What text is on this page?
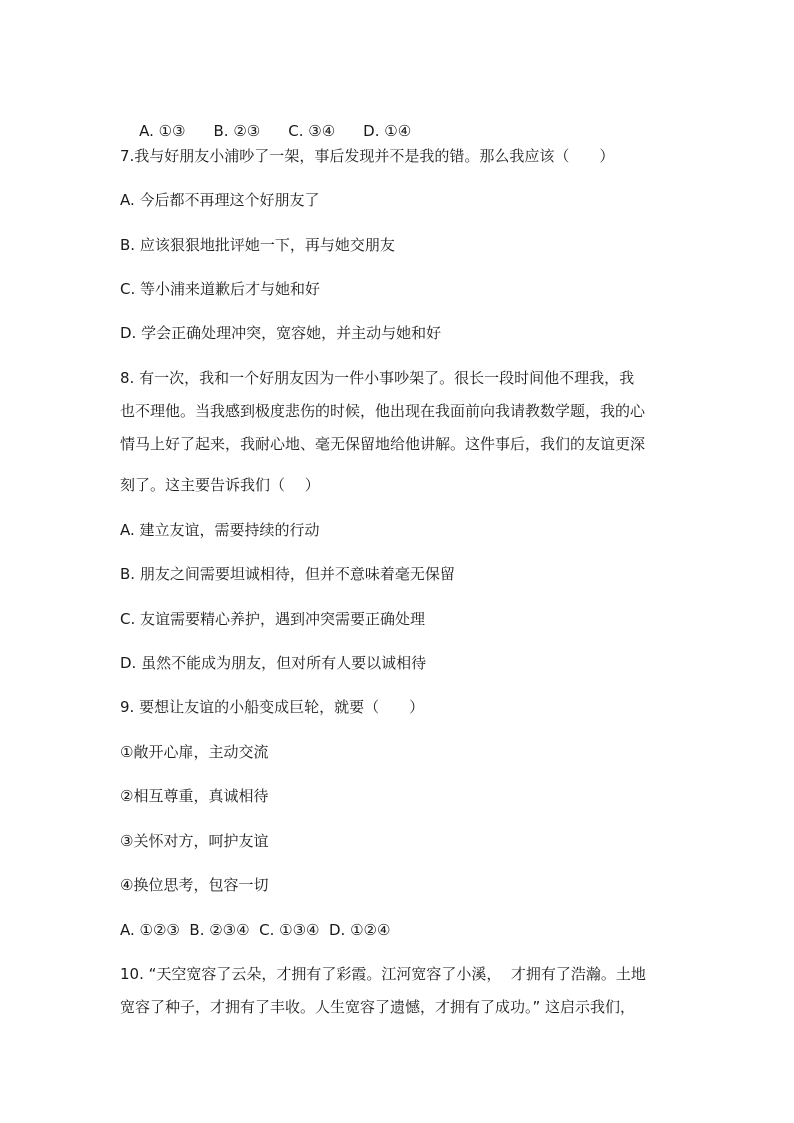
A. ①③ B. ②③ C. ③④ D. ①④

7.我与好朋友小浦吵了一架，事后发现并不是我的错。那么我应该（　　）
A. 今后都不再理这个好朋友了
B. 应该狠狠地批评她一下，再与她交朋友
C. 等小浦来道歉后才与她和好
D. 学会正确处理冲突，宽容她，并主动与她和好
8. 有一次，我和一个好朋友因为一件小事吵架了。很长一段时间他不理我，我
也不理他。当我感到极度悲伤的时候，他出现在我面前向我请教数学题，我的心
情马上好了起来，我耐心地、毫无保留地给他讲解。这件事后，我们的友谊更深
刻了。这主要告诉我们（　 ）
A. 建立友谊，需要持续的行动
B. 朋友之间需要坦诚相待，但并不意味着毫无保留
C. 友谊需要精心养护，遇到冲突需要正确处理
D. 虽然不能成为朋友，但对所有人要以诚相待
9. 要想让友谊的小船变成巨轮，就要（　　）
①敞开心扉，主动交流
②相互尊重，真诚相待
③关怀对方，呵护友谊
④换位思考，包容一切
A. ①②③  B. ②③④  C. ①③④  D. ①②④
10. “天空宽容了云朵，才拥有了彩霞。江河宽容了小溪，  才拥有了浩瀚。土地
宽容了种子，才拥有了丰收。人生宽容了遗憾，才拥有了成功。” 这启示我们，
